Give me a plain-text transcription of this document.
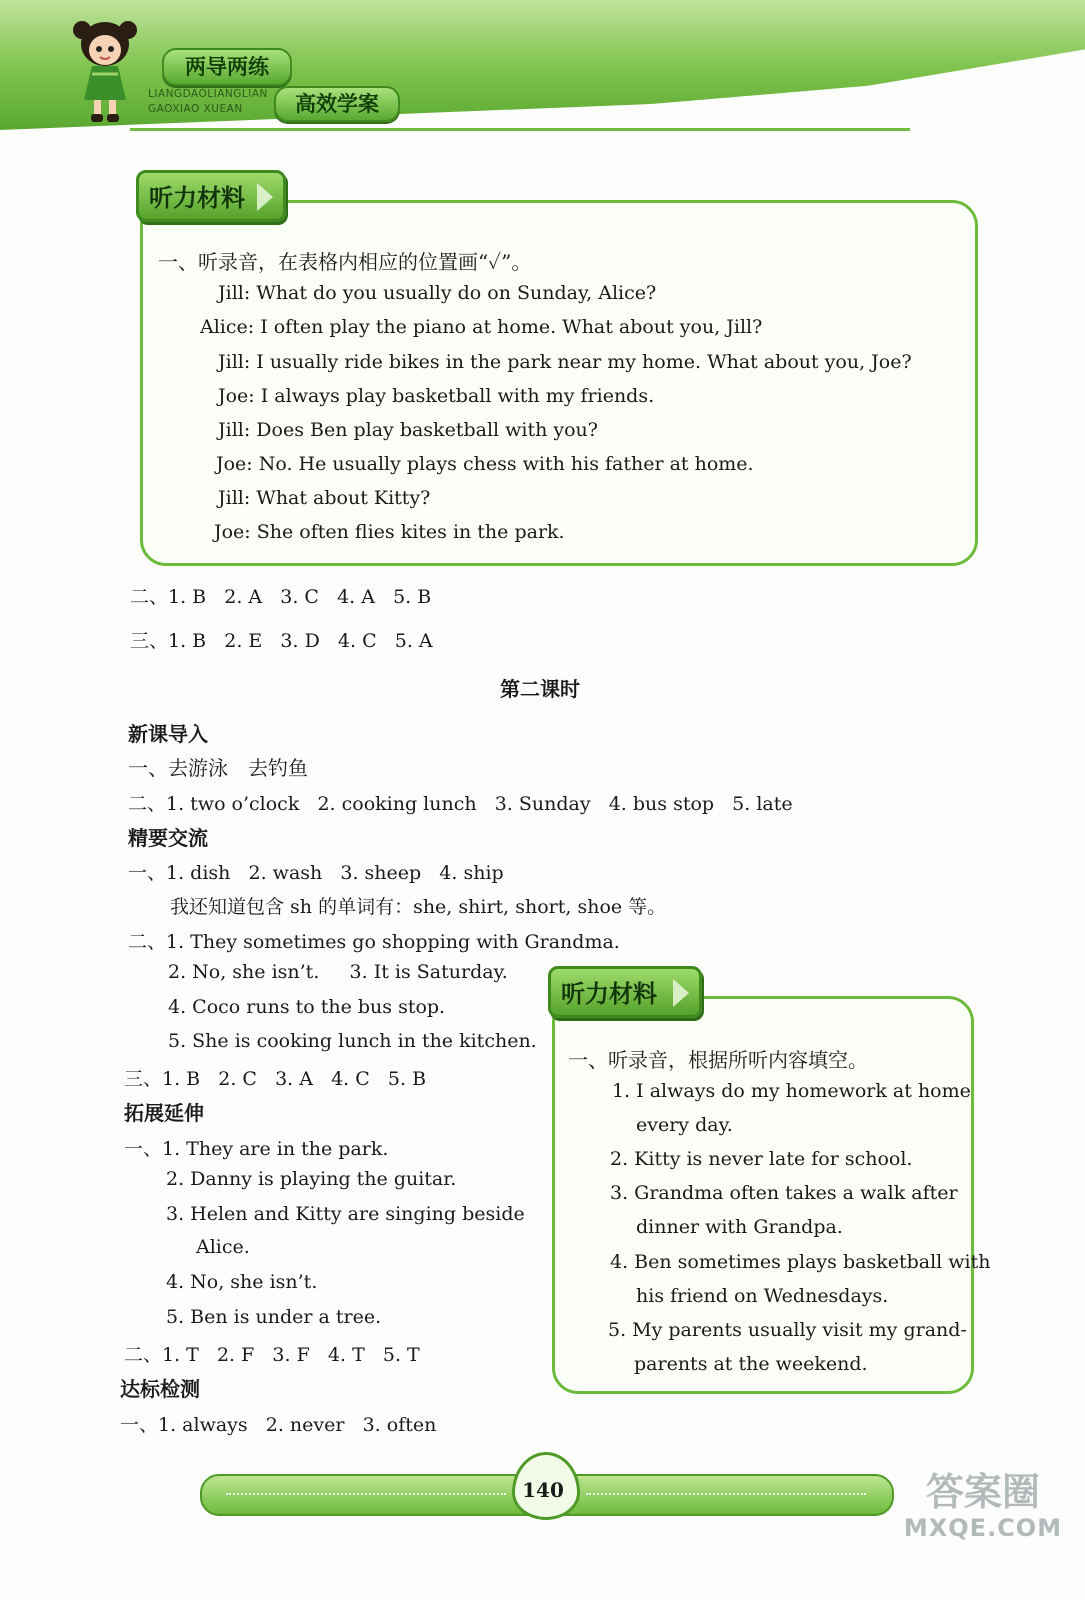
两导两练
LIANGDAOLIANGLIAN
GAOXIAO XUEAN	高效学案
听力材料
一、听录音，在表格内相应的位置画“✓”。
Jill: What do you usually do on Sunday, Alice?
Alice: I often play the piano at home. What about you, Jill?
Jill: I usually ride bikes in the park near my home. What about you, Joe?
Joe: I always play basketball with my friends.
Jill: Does Ben play basketball with you?
Joe: No. He usually plays chess with his father at home.
Jill: What about Kitty?
Joe: She often flies kites in the park.
二、1. B   2. A   3. C   4. A   5. B
三、1. B   2. E   3. D   4. C   5. A
第二课时
新课导入
一、去游泳　去钓鱼
二、1. two o’clock   2. cooking lunch   3. Sunday   4. bus stop   5. late
精要交流
一、1. dish   2. wash   3. sheep   4. ship
我还知道包含 sh 的单词有：she, shirt, short, shoe 等。
二、1. They sometimes go shopping with Grandma.
2. No, she isn’t.     3. It is Saturday.
4. Coco runs to the bus stop.
5. She is cooking lunch in the kitchen.
三、1. B   2. C   3. A   4. C   5. B
拓展延伸
一、1. They are in the park.
2. Danny is playing the guitar.
3. Helen and Kitty are singing beside
Alice.
4. No, she isn’t.
5. Ben is under a tree.
二、1. T   2. F   3. F   4. T   5. T
达标检测
一、1. always   2. never   3. often
听力材料
一、听录音，根据所听内容填空。
1. I always do my homework at home
every day.
2. Kitty is never late for school.
3. Grandma often takes a walk after
dinner with Grandpa.
4. Ben sometimes plays basketball with
his friend on Wednesdays.
5. My parents usually visit my grand-
parents at the weekend.
140	答案圈
MXQE.COM
